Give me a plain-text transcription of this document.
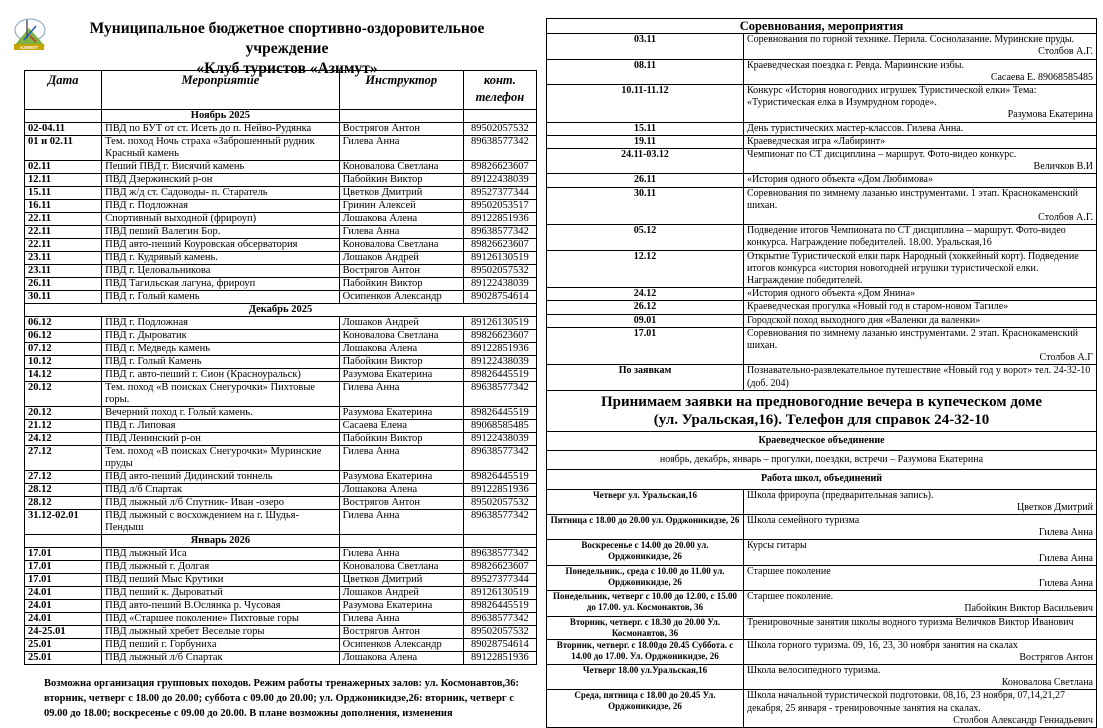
АЗИМУТ
Муниципальное бюджетное спортивно-оздоровительное учреждение
«Клуб туристов «Азимут»
Дата	Мероприятие	Инструктор	конт. телефон
	Ноябрь 2025		
02-04.11	ПВД по БУТ от ст. Исеть до п. Нейво-Рудянка	Вострягов Антон	89502057532
01 и 02.11	Тем. поход Ночь страха «Заброшенный рудник Красный камень	Гилева Анна	89638577342
02.11	Пеший ПВД г. Висячий камень	Коновалова Светлана	89826623607
12.11	ПВД Дзержинский р-он	Пабойкин Виктор	89122438039
15.11	ПВД ж/д ст. Садоводы- п. Старатель	Цветков Дмитрий	89527377344
16.11	ПВД г. Подложная	Гринин Алексей	89502053517
22.11	Спортивный выходной (фрироуп)	Лошакова Алена	89122851936
22.11	ПВД пеший Валегин Бор.	Гилева Анна	89638577342
22.11	ПВД авто-пеший Коуровская обсерватория	Коновалова Светлана	89826623607
23.11	ПВД г. Кудрявый камень.	Лошаков Андрей	89126130519
23.11	ПВД г. Целовальникова	Вострягов Антон	89502057532
26.11	ПВД Тагильская лагуна, фрироуп	Пабойкин Виктор	89122438039
30.11	ПВД г. Голый камень	Осипенков Александр	89028754614
Декабрь 2025			
06.12	ПВД г. Подложная	Лошаков Андрей	89126130519
06.12	ПВД г. Дыроватик	Коновалова Светлана	89826623607
07.12	ПВД г. Медведь камень	Лошакова Алена	89122851936
10.12	ПВД г. Голый Камень	Пабойкин Виктор	89122438039
14.12	ПВД г. авто-пеший г. Сион (Красноуральск)	Разумова Екатерина	89826445519
20.12	Тем. поход «В поисках Снегурочки» Пихтовые горы.	Гилева Анна	89638577342
20.12	Вечерний поход г. Голый камень.	Разумова Екатерина	89826445519
21.12	ПВД г. Липовая	Сасаева Елена	89068585485
24.12	ПВД Ленинский р-он	Пабойкин Виктор	89122438039
27.12	Тем. поход «В поисках Снегурочки» Муринские пруды	Гилева Анна	89638577342
27.12	ПВД авто-пеший Дидинский тоннель	Разумова Екатерина	89826445519
28.12	ПВД л/б Спартак	Лошакова Алена	89122851936
28.12	ПВД лыжный л/б Спутник- Иван -озеро	Вострягов Антон	89502057532
31.12-02.01	ПВД лыжный с восхождением на г. Шудья-Пендыш	Гилева Анна	89638577342
	Январь 2026		
17.01	ПВД лыжный Иса	Гилева Анна	89638577342
17.01	ПВД лыжный г. Долгая	Коновалова Светлана	89826623607
17.01	ПВД пеший Мыс Крутики	Цветков Дмитрий	89527377344
24.01	ПВД пеший к. Дыроватый	Лошаков Андрей	89126130519
24.01	ПВД авто-пеший В.Ослянка р. Чусовая	Разумова Екатерина	89826445519
24.01	ПВД «Старшее поколение» Пихтовые горы	Гилева Анна	89638577342
24-25.01	ПВД лыжный хребет Веселые горы	Вострягов Антон	89502057532
25.01	ПВД пеший г. Горбуниха	Осипенков Александр	89028754614
25.01	ПВД лыжный л/б Спартак	Лошакова Алена	89122851936
Возможна организация групповых походов. Режим работы тренажерных залов: ул. Космонавтов,36: вторник, четверг с 18.00 до 20.00; суббота с 09.00 до 20.00; ул. Орджоникидзе,26: вторник, четверг с 09.00 до 18.00; воскресенье с 09.00 до 20.00. В плане возможны дополнения, изменения
Соревнования, мероприятия	
03.11	Соревнования по горной технике. Перила. Соснолазание. Муринские пруды.
Столбов А.Г.

08.11	Краеведческая поездка г. Ревда. Мариинские избы.
Сасаева Е. 89068585485

10.11-11.12	Конкурс «История новогодних игрушек Туристической елки» Тема: «Туристическая елка в Изумрудном городе».
Разумова Екатерина

15.11	День туристических мастер-классов. Гилева Анна.
19.11	Краеведческая игра «Лабиринт»
24.11-03.12	Чемпионат по СТ дисциплина – маршрут. Фото-видео конкурс.
Величков В.И

26.11	«История одного объекта «Дом Любимова»
30.11	Соревнования по зимнему лазанью инструментами. 1 этап. Краснокаменский шихан.
Столбов А.Г.

05.12	Подведение итогов Чемпионата по СТ дисциплина – маршрут. Фото-видео конкурса. Награждение победителей. 18.00. Уральская,16
12.12	Открытие Туристической елки парк Народный (хоккейный корт). Подведение итогов конкурса «история новогодней игрушки туристической елки. Награждение победителей.
24.12	«История одного объекта «Дом Янина»
26.12	Краеведческая прогулка «Новый год в старом-новом Тагиле»
09.01	Городской поход выходного дня «Валенки да валенки»
17.01	Соревнования по зимнему лазанью инструментами. 2 этап. Краснокаменский шихан.
Столбов А.Г

По заявкам	Познавательно-развлекательное путешествие «Новый год у ворот» тел. 24-32-10 (доб. 204)
Принимаем заявки на предновогодние вечера в купеческом доме
(ул. Уральская,16). Телефон для справок 24-32-10	

Краеведческое объединение	
ноябрь, декабрь, январь – прогулки, поездки, встречи – Разумова Екатерина	
Работа школ, объединений	
Четверг ул. Уральская,16	Школа фрироупа (предварительная запись).
Цветков Дмитрий

Пятница с 18.00 до 20.00 ул. Орджоникидзе, 26	Школа семейного туризма
Гилева Анна

Воскресенье с 14.00 до 20.00 ул. Орджоникидзе, 26	Курсы гитары
Гилева Анна

Понедельник., среда с 10.00 до 11.00 ул. Орджоникидзе, 26	Старшее поколение
Гилева Анна

Понедельник, четверг с 10.00 до 12.00, с 15.00 до 17.00. ул. Космонавтов, 36	Старшее поколение.
Пабойкин Виктор Васильевич

Вторник, четверг. с 18.30 до 20.00 Ул. Космонавтов, 36	Тренировочные занятия школы водного туризма Величков Виктор Иванович
Вторник, четверг. с 18.00до 20.45 Суббота. с 14.00 до 17.00. Ул. Орджоникидзе, 26	Школа горного туризма. 09, 16, 23, 30 ноября занятия на скалах
Вострягов Антон

Четверг 18.00 ул.Уральская,16	Школа велосипедного туризма.
Коновалова Светлана

Среда, пятница с 18.00 до 20.45 Ул. Орджоникидзе, 26	Школа начальной туристической подготовки. 08,16, 23 ноября, 07,14,21,27 декабря, 25 января - тренировочные занятия на скалах.
Столбов Александр Геннадьевич
